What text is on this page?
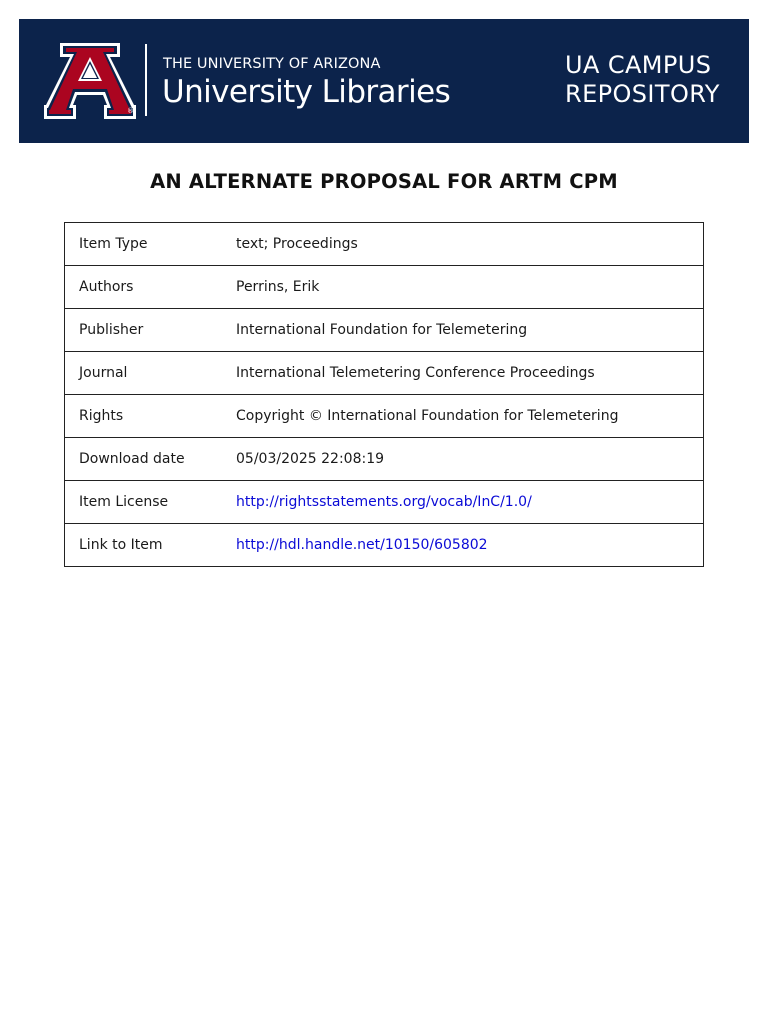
®
THE UNIVERSITY OF ARIZONA
University Libraries
UA CAMPUS
REPOSITORY
AN ALTERNATE PROPOSAL FOR ARTM CPM
Item Type	text; Proceedings
Authors	Perrins, Erik
Publisher	International Foundation for Telemetering
Journal	International Telemetering Conference Proceedings
Rights	Copyright © International Foundation for Telemetering
Download date	05/03/2025 22:08:19
Item License	http://rightsstatements.org/vocab/InC/1.0/
Link to Item	http://hdl.handle.net/10150/605802
